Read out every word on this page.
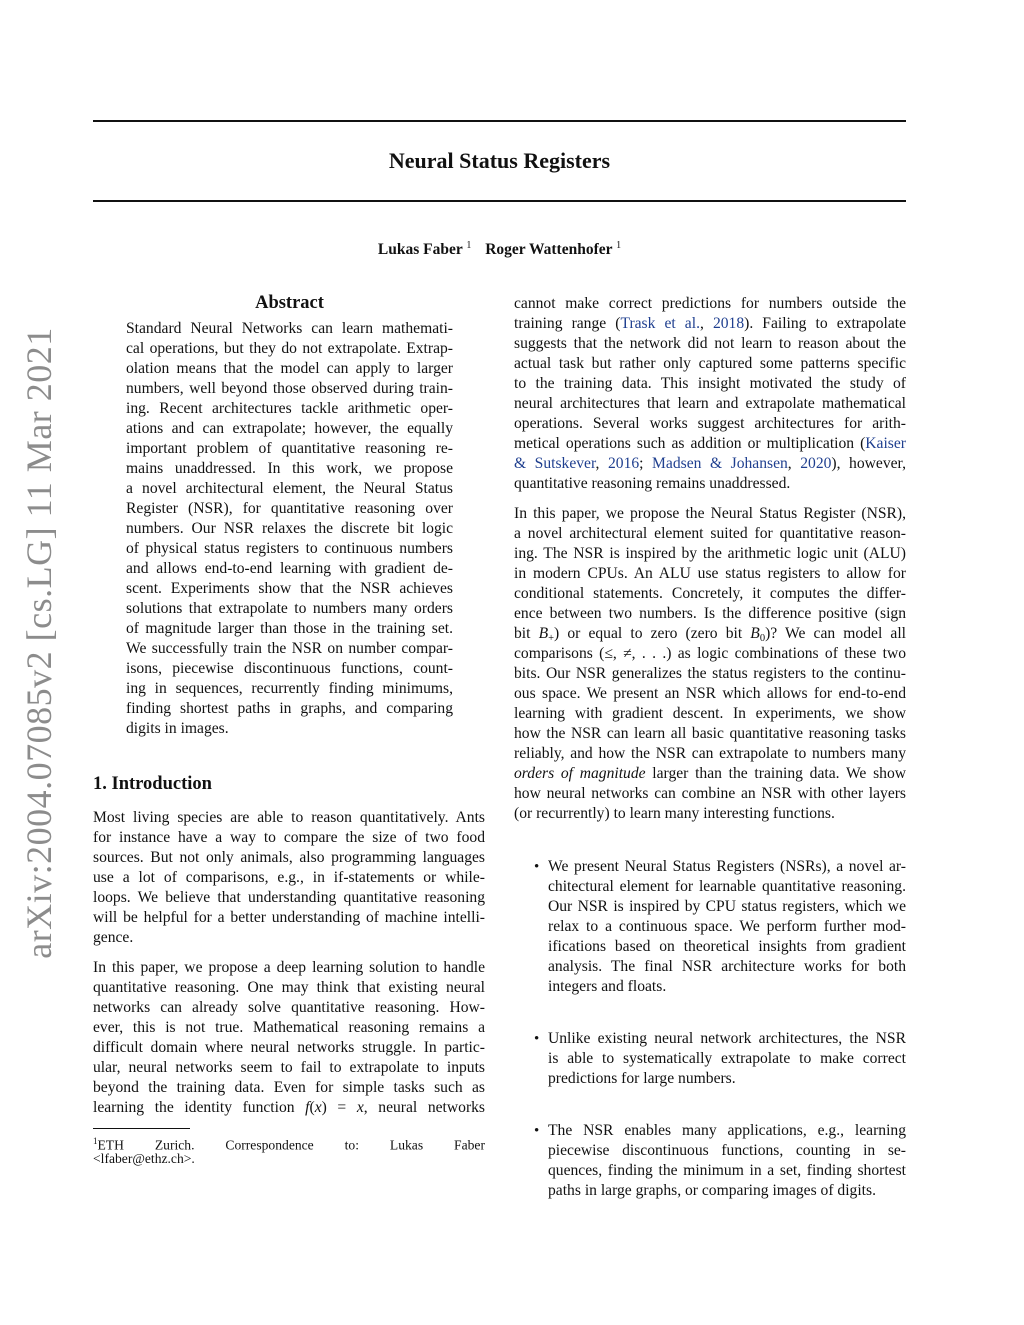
arXiv:2004.07085v2 [cs.LG] 11 Mar 2021
Neural Status Registers
Lukas Faber $^1$ Roger Wattenhofer $^1$
Abstract
Standard Neural Networks can learn mathemati-
cal operations, but they do not extrapolate. Extrap-
olation means that the model can apply to larger
numbers, well beyond those observed during train-
ing. Recent architectures tackle arithmetic oper-
ations and can extrapolate; however, the equally
important problem of quantitative reasoning re-
mains unaddressed. In this work, we propose
a novel architectural element, the Neural Status
Register (NSR), for quantitative reasoning over
numbers. Our NSR relaxes the discrete bit logic
of physical status registers to continuous numbers
and allows end-to-end learning with gradient de-
scent. Experiments show that the NSR achieves
solutions that extrapolate to numbers many orders
of magnitude larger than those in the training set.
We successfully train the NSR on number compar-
isons, piecewise discontinuous functions, count-
ing in sequences, recurrently finding minimums,
finding shortest paths in graphs, and comparing
digits in images.
1. Introduction
Most living species are able to reason quantitatively. Ants
for instance have a way to compare the size of two food
sources. But not only animals, also programming languages
use a lot of comparisons, e.g., in if-statements or while-
loops. We believe that understanding quantitative reasoning
will be helpful for a better understanding of machine intelli-
gence.
In this paper, we propose a deep learning solution to handle
quantitative reasoning. One may think that existing neural
networks can already solve quantitative reasoning. How-
ever, this is not true. Mathematical reasoning remains a
difficult domain where neural networks struggle. In partic-
ular, neural networks seem to fail to extrapolate to inputs
beyond the training data. Even for simple tasks such as
learning the identity function f(x) = x, neural networks
$^1$ETH Zurich. Correspondence to: Lukas Faber
<lfaber@ethz.ch>.
cannot make correct predictions for numbers outside the
training range (Trask et al., 2018). Failing to extrapolate
suggests that the network did not learn to reason about the
actual task but rather only captured some patterns specific
to the training data. This insight motivated the study of
neural architectures that learn and extrapolate mathematical
operations. Several works suggest architectures for arith-
metical operations such as addition or multiplication (Kaiser
& Sutskever, 2016; Madsen & Johansen, 2020), however,
quantitative reasoning remains unaddressed.
In this paper, we propose the Neural Status Register (NSR),
a novel architectural element suited for quantitative reason-
ing. The NSR is inspired by the arithmetic logic unit (ALU)
in modern CPUs. An ALU use status registers to allow for
conditional statements. Concretely, it computes the differ-
ence between two numbers. Is the difference positive (sign
bit $B_+$) or equal to zero (zero bit $B_0$)? We can model all
comparisons (≤, ≠, . . .) as logic combinations of these two
bits. Our NSR generalizes the status registers to the continu-
ous space. We present an NSR which allows for end-to-end
learning with gradient descent. In experiments, we show
how the NSR can learn all basic quantitative reasoning tasks
reliably, and how the NSR can extrapolate to numbers many
orders of magnitude larger than the training data. We show
how neural networks can combine an NSR with other layers
(or recurrently) to learn many interesting functions.
• We present Neural Status Registers (NSRs), a novel ar-
chitectural element for learnable quantitative reasoning.
Our NSR is inspired by CPU status registers, which we
relax to a continuous space. We perform further mod-
ifications based on theoretical insights from gradient
analysis. The final NSR architecture works for both
integers and floats.
• Unlike existing neural network architectures, the NSR
is able to systematically extrapolate to make correct
predictions for large numbers.
• The NSR enables many applications, e.g., learning
piecewise discontinuous functions, counting in se-
quences, finding the minimum in a set, finding shortest
paths in large graphs, or comparing images of digits.
